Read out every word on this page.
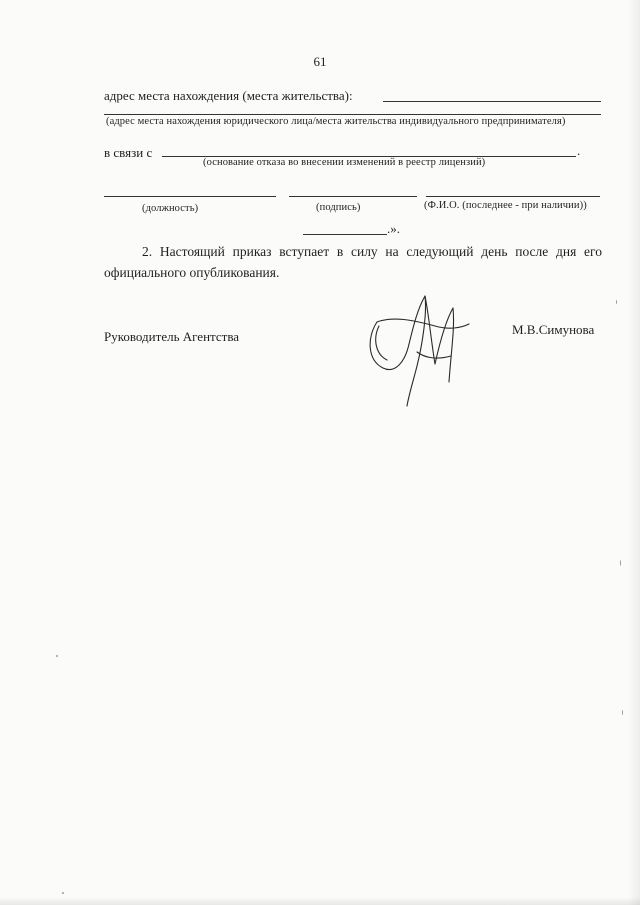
61
адрес места нахождения (места жительства):
(адрес места нахождения юридического лица/места жительства индивидуального предпринимателя)
в связи с	.
(основание отказа во внесении изменений в реестр лицензий)
(должность)	(подпись)	(Ф.И.О. (последнее - при наличии))
.».
2. Настоящий приказ вступает в силу на следующий день после дня его официального опубликования.
Руководитель Агентства	М.В.Симунова
